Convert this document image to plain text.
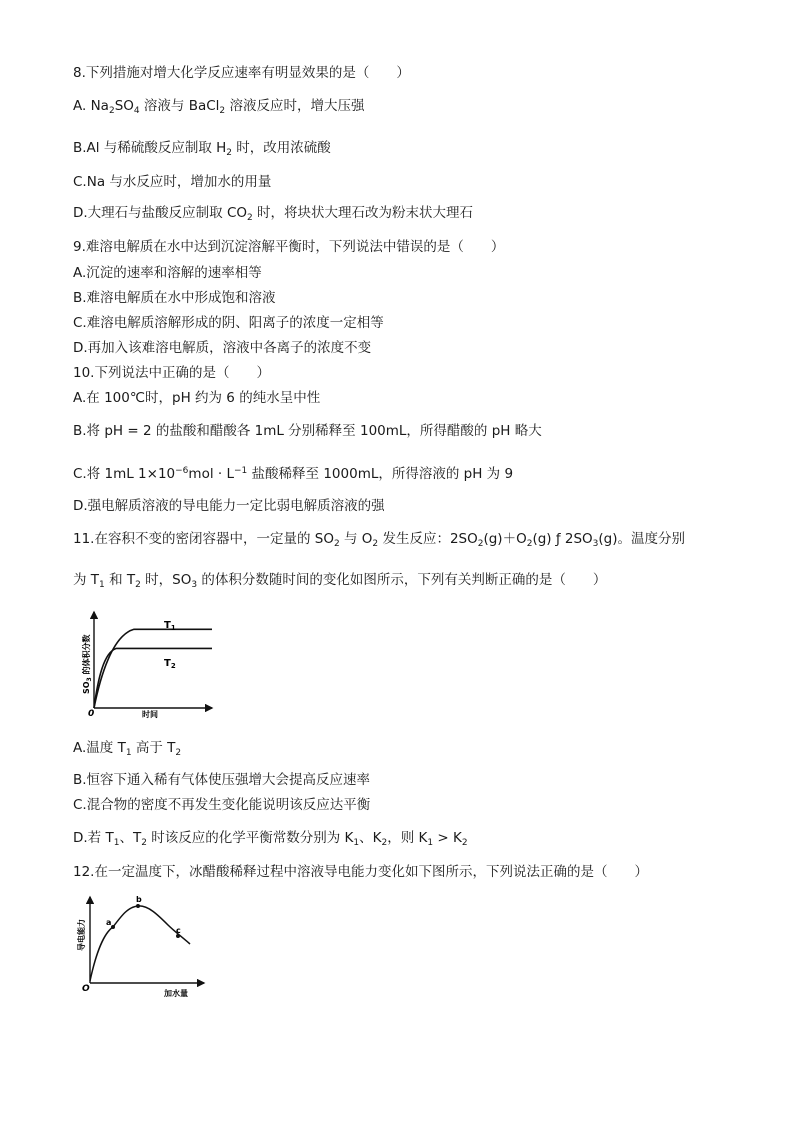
8.下列措施对增大化学反应速率有明显效果的是（　　）
A. $Na_2SO_4$ 溶液与 BaCl$_2$ 溶液反应时，增大压强
B.Al 与稀硫酸反应制取 $H_2$ 时，改用浓硫酸
C.Na 与水反应时，增加水的用量
D.大理石与盐酸反应制取 $CO_2$ 时，将块状大理石改为粉末状大理石
9.难溶电解质在水中达到沉淀溶解平衡时，下列说法中错误的是（　　）
A.沉淀的速率和溶解的速率相等
B.难溶电解质在水中形成饱和溶液
C.难溶电解质溶解形成的阴、阳离子的浓度一定相等
D.再加入该难溶电解质，溶液中各离子的浓度不变
10.下列说法中正确的是（　　）
A.在 100℃时，pH 约为 6 的纯水呈中性
B.将 pH = 2 的盐酸和醋酸各 1mL 分别稀释至 100mL，所得醋酸的 pH 略大
C.将 1mL $1\times 10^{-6}mol \cdot L^{-1}$ 盐酸稀释至 1000mL，所得溶液的 pH 为 9
D.强电解质溶液的导电能力一定比弱电解质溶液的强
11.在容积不变的密闭容器中，一定量的 $SO_2$ 与 $O_2$ 发生反应：$2SO_2(g)+O_2(g)$ ƒ $2SO_3(g)$。温度分别
为 $T_1$ 和 $T_2$ 时，$SO_3$ 的体积分数随时间的变化如图所示，下列有关判断正确的是（　　）
0	时间
$SO_3$ 的体积分数
$T_1$
$T_2$
A.温度 $T_1$ 高于 $T_2$
B.恒容下通入稀有气体使压强增大会提高反应速率
C.混合物的密度不再发生变化能说明该反应达平衡
D.若 $T_1$、$T_2$ 时该反应的化学平衡常数分别为 $K_1$、$K_2$，则 $K_1 > K_2$
12.在一定温度下，冰醋酸稀释过程中溶液导电能力变化如下图所示，下列说法正确的是（　　）
a
b
c
O	加水量
导电能力
